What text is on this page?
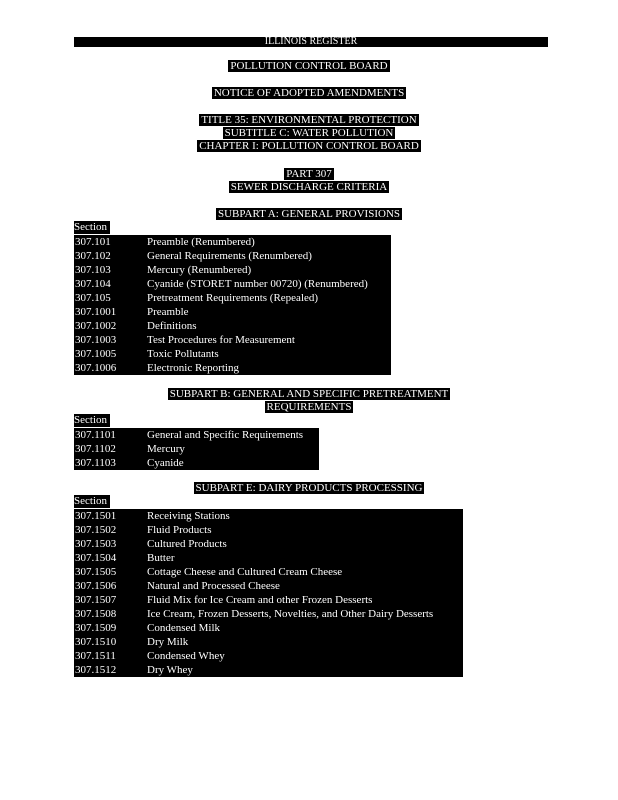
ILLINOIS REGISTER
POLLUTION CONTROL BOARD
NOTICE OF ADOPTED AMENDMENTS
TITLE 35: ENVIRONMENTAL PROTECTION
SUBTITLE C: WATER POLLUTION
CHAPTER I: POLLUTION CONTROL BOARD
PART 307
SEWER DISCHARGE CRITERIA
SUBPART A: GENERAL PROVISIONS
Section
307.101	Preamble (Renumbered)
307.102	General Requirements (Renumbered)
307.103	Mercury (Renumbered)
307.104	Cyanide (STORET number 00720) (Renumbered)
307.105	Pretreatment Requirements (Repealed)
307.1001	Preamble
307.1002	Definitions
307.1003	Test Procedures for Measurement
307.1005	Toxic Pollutants
307.1006	Electronic Reporting
SUBPART B: GENERAL AND SPECIFIC PRETREATMENT
REQUIREMENTS
Section
307.1101	General and Specific Requirements
307.1102	Mercury
307.1103	Cyanide
SUBPART E: DAIRY PRODUCTS PROCESSING
Section
307.1501	Receiving Stations
307.1502	Fluid Products
307.1503	Cultured Products
307.1504	Butter
307.1505	Cottage Cheese and Cultured Cream Cheese
307.1506	Natural and Processed Cheese
307.1507	Fluid Mix for Ice Cream and other Frozen Desserts
307.1508	Ice Cream, Frozen Desserts, Novelties, and Other Dairy Desserts
307.1509	Condensed Milk
307.1510	Dry Milk
307.1511	Condensed Whey
307.1512	Dry Whey
